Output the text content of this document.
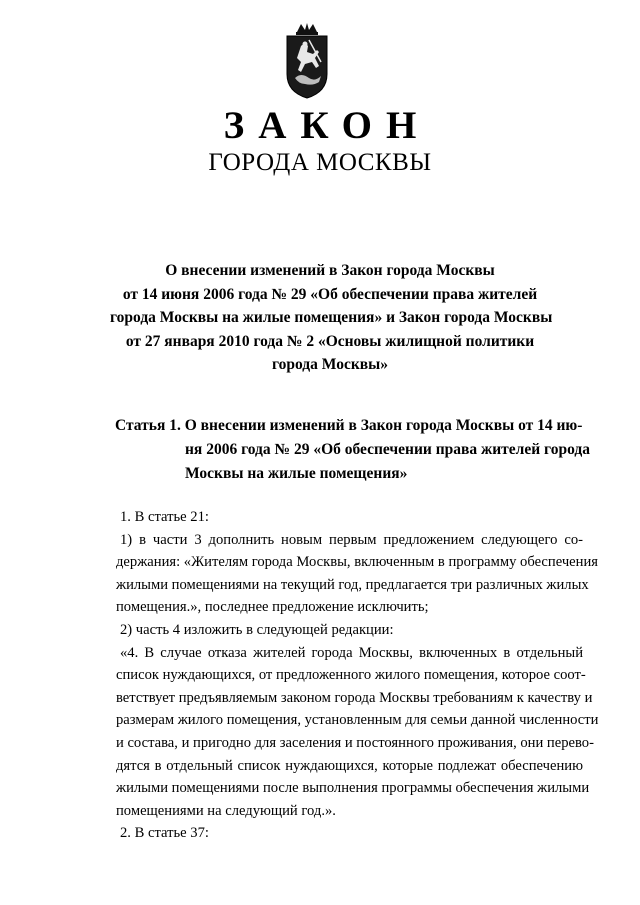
ЗАКОН
ГОРОДА МОСКВЫ
О внесении изменений в Закон города Москвы
от 14 июня 2006 года № 29 «Об обеспечении права жителей
города Москвы на жилые помещения» и Закон города Москвы
от 27 января 2010 года № 2 «Основы жилищной политики
города Москвы»
Статья 1. О внесении изменений в Закон города Москвы от 14 ию-
ня 2006 года № 29 «Об обеспечении права жителей города
Москвы на жилые помещения»
1. В статье 21:
1) в части 3 дополнить новым первым предложением следующего со-
держания: «Жителям города Москвы, включенным в программу обеспечения
жилыми помещениями на текущий год, предлагается три различных жилых
помещения.», последнее предложение исключить;
2) часть 4 изложить в следующей редакции:
«4. В случае отказа жителей города Москвы, включенных в отдельный
список нуждающихся, от предложенного жилого помещения, которое соот-
ветствует предъявляемым законом города Москвы требованиям к качеству и
размерам жилого помещения, установленным для семьи данной численности
и состава, и пригодно для заселения и постоянного проживания, они перево-
дятся в отдельный список нуждающихся, которые подлежат обеспечению
жилыми помещениями после выполнения программы обеспечения жилыми
помещениями на следующий год.».
2. В статье 37:
